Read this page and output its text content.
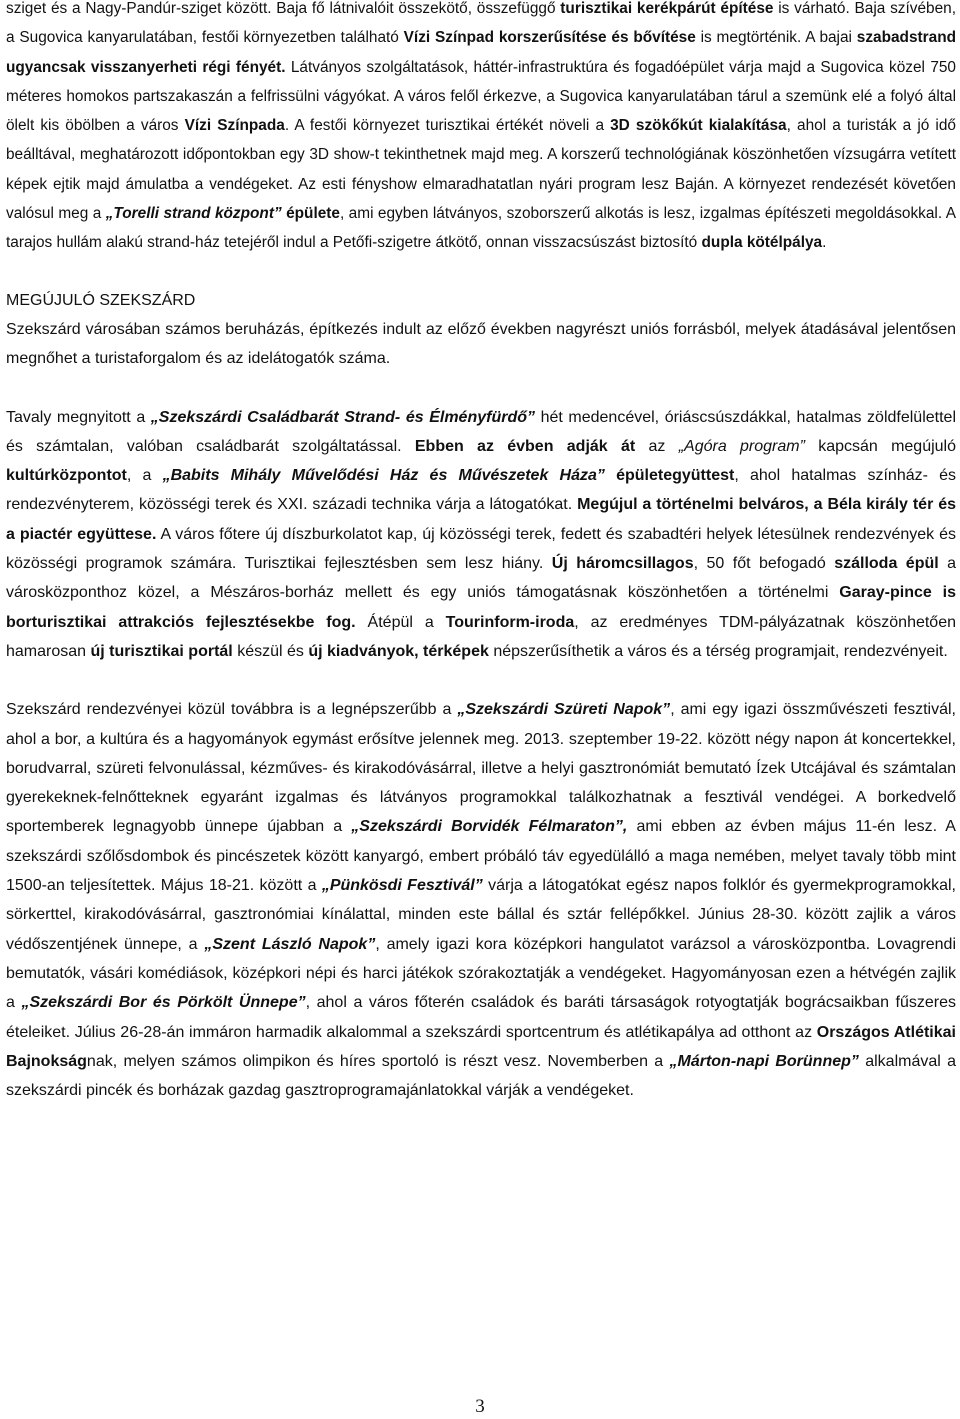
sziget és a Nagy-Pandúr-sziget között. Baja fő látnivalóit összekötő, összefüggő turisztikai kerékpárút építése is várható. Baja szívében, a Sugovica kanyarulatában, festői környezetben található Vízi Színpad korszerűsítése és bővítése is megtörténik. A bajai szabadstrand ugyancsak visszanyerheti régi fényét. Látványos szolgáltatások, háttér-infrastruktúra és fogadóépület várja majd a Sugovica közel 750 méteres homokos partszakaszán a felfrissülni vágyókat. A város felől érkezve, a Sugovica kanyarulatában tárul a szemünk elé a folyó által ölelt kis öbölben a város Vízi Színpada. A festői környezet turisztikai értékét növeli a 3D szökőkút kialakítása, ahol a turisták a jó idő beálltával, meghatározott időpontokban egy 3D show-t tekinthetnek majd meg. A korszerű technológiának köszönhetően vízsugárra vetített képek ejtik majd ámulatba a vendégeket. Az esti fényshow elmaradhatatlan nyári program lesz Baján. A környezet rendezését követően valósul meg a „Torelli strand központ” épülete, ami egyben látványos, szoborszerű alkotás is lesz, izgalmas építészeti megoldásokkal. A tarajos hullám alakú strand-ház tetejéről indul a Petőfi-szigetre átkötő, onnan visszacsúszást biztosító dupla kötélpálya.

MEGÚJULÓ SZEKSZÁRD

Szekszárd városában számos beruházás, építkezés indult az előző években nagyrészt uniós forrásból, melyek átadásával jelentősen megnőhet a turistaforgalom és az idelátogatók száma.

Tavaly megnyitott a „Szekszárdi Családbarát Strand- és Élményfürdő” hét medencével, óriáscsúszdákkal, hatalmas zöldfelülettel és számtalan, valóban családbarát szolgáltatással. Ebben az évben adják át az „Agóra program” kapcsán megújuló kultúrközpontot, a „Babits Mihály Művelődési Ház és Művészetek Háza” épületegyüttest, ahol hatalmas színház- és rendezvényterem, közösségi terek és XXI. századi technika várja a látogatókat. Megújul a történelmi belváros, a Béla király tér és a piactér együttese. A város főtere új díszburkolatot kap, új közösségi terek, fedett és szabadtéri helyek létesülnek rendezvények és közösségi programok számára. Turisztikai fejlesztésben sem lesz hiány. Új háromcsillagos, 50 főt befogadó szálloda épül a városközponthoz közel, a Mészáros-borház mellett és egy uniós támogatásnak köszönhetően a történelmi Garay-pince is borturisztikai attrakciós fejlesztésekbe fog. Átépül a Tourinform-iroda, az eredményes TDM-pályázatnak köszönhetően hamarosan új turisztikai portál készül és új kiadványok, térképek népszerűsíthetik a város és a térség programjait, rendezvényeit.

Szekszárd rendezvényei közül továbbra is a legnépszerűbb a „Szekszárdi Szüreti Napok”, ami egy igazi összművészeti fesztivál, ahol a bor, a kultúra és a hagyományok egymást erősítve jelennek meg. 2013. szeptember 19-22. között négy napon át koncertekkel, borudvarral, szüreti felvonulással, kézműves- és kirakodóvásárral, illetve a helyi gasztronómiát bemutató Ízek Utcájával és számtalan gyerekeknek-felnőtteknek egyaránt izgalmas és látványos programokkal találkozhatnak a fesztivál vendégei. A borkedvelő sportemberek legnagyobb ünnepe újabban a „Szekszárdi Borvidék Félmaraton”, ami ebben az évben május 11-én lesz. A szekszárdi szőlősdombok és pincészetek között kanyargó, embert próbáló táv egyedülálló a maga nemében, melyet tavaly több mint 1500-an teljesítettek. Május 18-21. között a „Pünkösdi Fesztivál” várja a látogatókat egész napos folklór és gyermekprogramokkal, sörkerttel, kirakodóvásárral, gasztronómiai kínálattal, minden este bállal és sztár fellépőkkel. Június 28-30. között zajlik a város védőszentjének ünnepe, a „Szent László Napok”, amely igazi kora középkori hangulatot varázsol a városközpontba. Lovagrendi bemutatók, vásári komédiások, középkori népi és harci játékok szórakoztatják a vendégeket. Hagyományosan ezen a hétvégén zajlik a „Szekszárdi Bor és Pörkölt Ünnepe”, ahol a város főterén családok és baráti társaságok rotyogtatják bográcsaikban fűszeres ételeiket. Július 26-28-án immáron harmadik alkalommal a szekszárdi sportcentrum és atlétikapálya ad otthont az Országos Atlétikai Bajnokságnak, melyen számos olimpikon és híres sportoló is részt vesz. Novemberben a „Márton-napi Borünnep” alkalmával a szekszárdi pincék és borházak gazdag gasztroprogramajánlatokkal várják a vendégeket.

3
